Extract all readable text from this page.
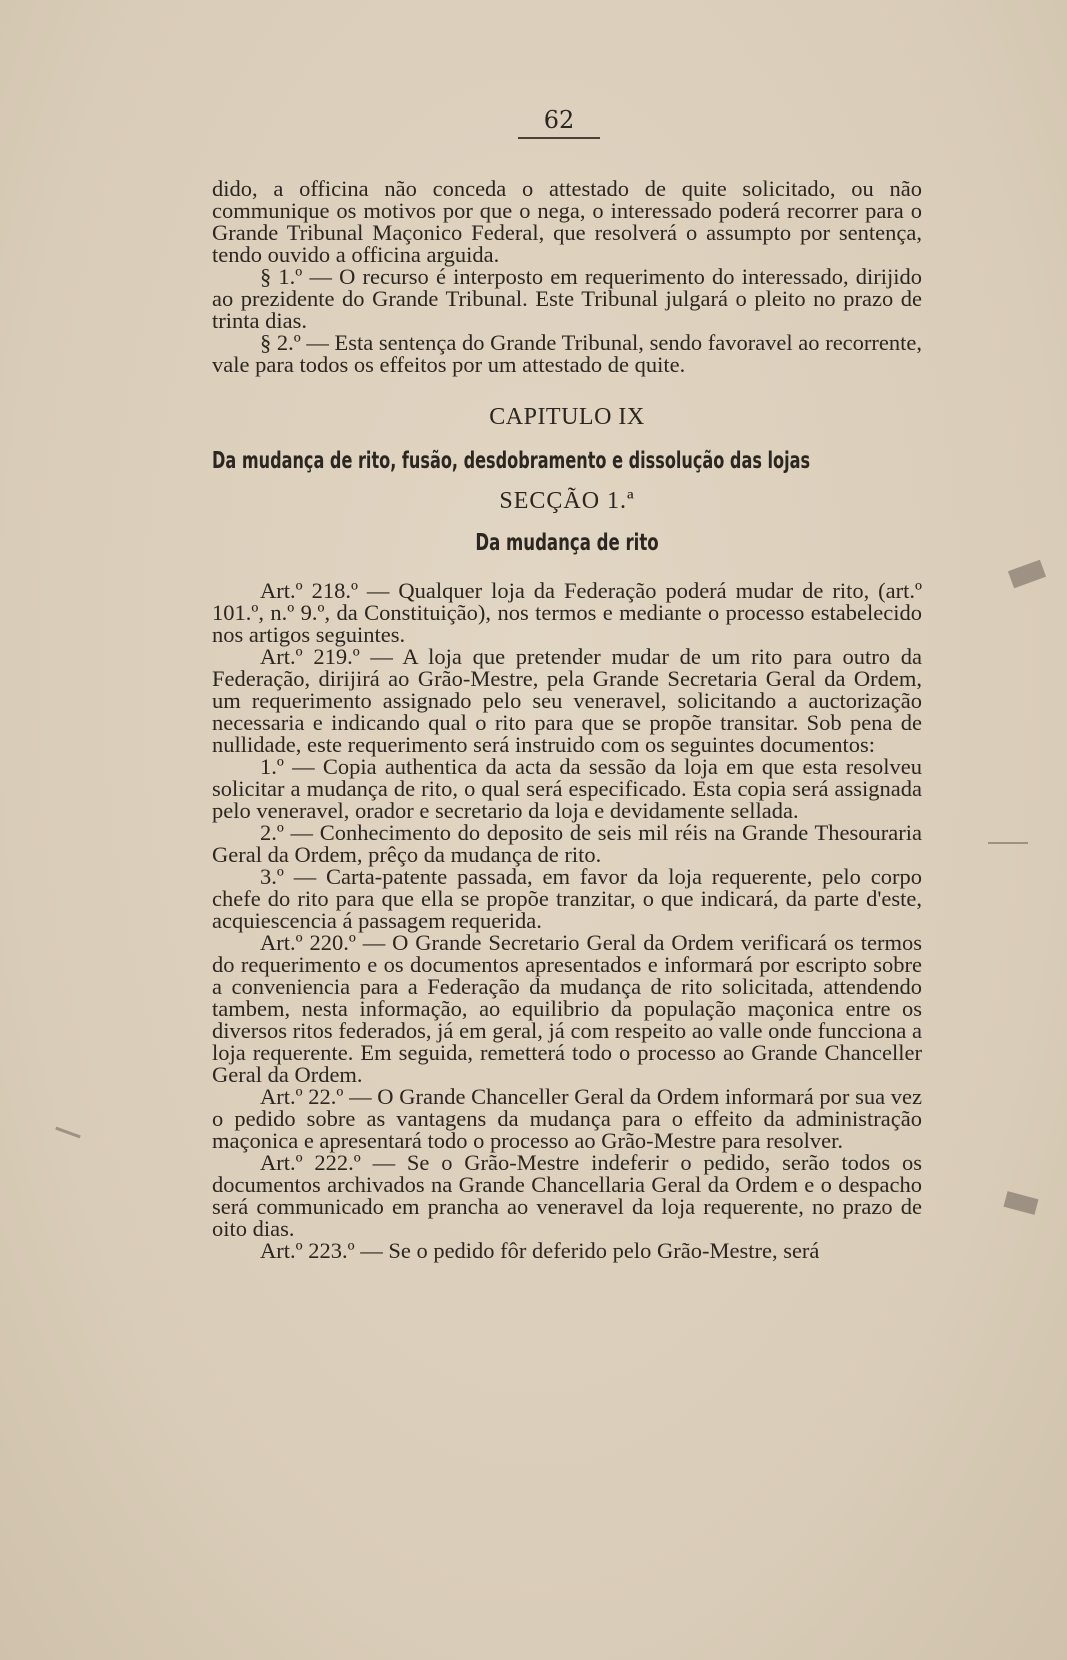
62

dido, a officina não conceda o attestado de quite solicitado, ou não communique os motivos por que o nega, o interessado poderá recorrer para o Grande Tribunal Maçonico Federal, que resolverá o assumpto por sentença, tendo ouvido a officina arguida.

§ 1.º — O recurso é interposto em requerimento do interessado, dirijido ao prezidente do Grande Tribunal. Este Tribunal julgará o pleito no prazo de trinta dias.

§ 2.º — Esta sentença do Grande Tribunal, sendo favoravel ao recorrente, vale para todos os effeitos por um attestado de quite.

CAPITULO IX
Da mudança de rito, fusão, desdobramento e dissolução das lojas
SECÇÃO 1.ª
Da mudança de rito

Art.º 218.º — Qualquer loja da Federação poderá mudar de rito, (art.º 101.º, n.º 9.º, da Constituição), nos termos e mediante o processo estabelecido nos artigos seguintes.

Art.º 219.º — A loja que pretender mudar de um rito para outro da Federação, dirijirá ao Grão-Mestre, pela Grande Secretaria Geral da Ordem, um requerimento assignado pelo seu veneravel, solicitando a auctorização necessaria e indicando qual o rito para que se propõe transitar. Sob pena de nullidade, este requerimento será instruido com os seguintes documentos:

1.º — Copia authentica da acta da sessão da loja em que esta resolveu solicitar a mudança de rito, o qual será especificado. Esta copia será assignada pelo veneravel, orador e secretario da loja e devidamente sellada.

2.º — Conhecimento do deposito de seis mil réis na Grande Thesouraria Geral da Ordem, prêço da mudança de rito.

3.º — Carta-patente passada, em favor da loja requerente, pelo corpo chefe do rito para que ella se propõe tranzitar, o que indicará, da parte d'este, acquiescencia á passagem requerida.

Art.º 220.º — O Grande Secretario Geral da Ordem verificará os termos do requerimento e os documentos apresentados e informará por escripto sobre a conveniencia para a Federação da mudança de rito solicitada, attendendo tambem, nesta informação, ao equilibrio da população maçonica entre os diversos ritos federados, já em geral, já com respeito ao valle onde funcciona a loja requerente. Em seguida, remetterá todo o processo ao Grande Chanceller Geral da Ordem.

Art.º 22.º — O Grande Chanceller Geral da Ordem informará por sua vez o pedido sobre as vantagens da mudança para o effeito da administração maçonica e apresentará todo o processo ao Grão-Mestre para resolver.

Art.º 222.º — Se o Grão-Mestre indeferir o pedido, serão todos os documentos archivados na Grande Chancellaria Geral da Ordem e o despacho será communicado em prancha ao veneravel da loja requerente, no prazo de oito dias.

Art.º 223.º — Se o pedido fôr deferido pelo Grão-Mestre, será
